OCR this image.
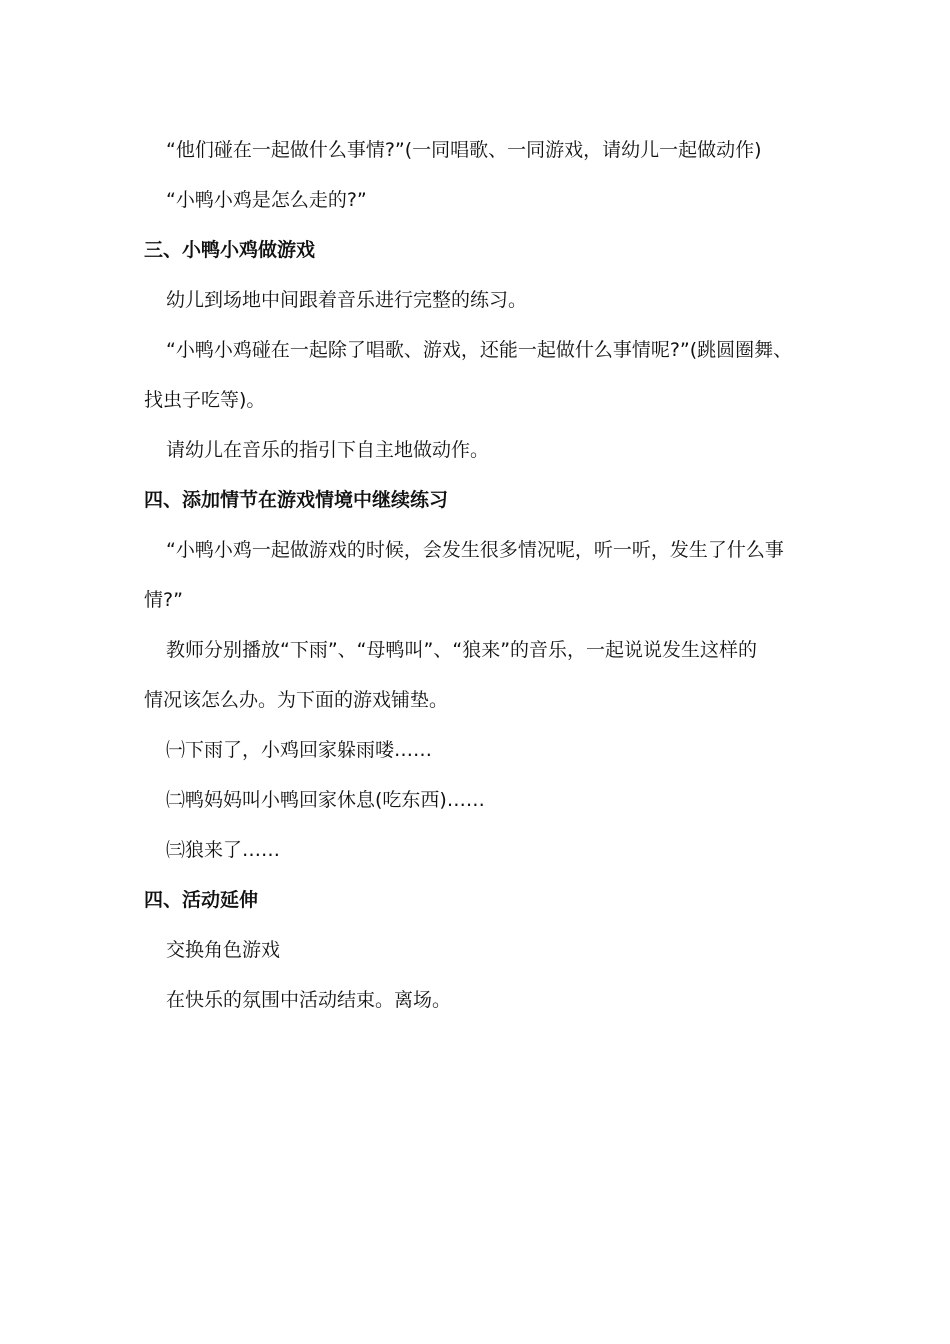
“他们碰在一起做什么事情?”(一同唱歌、一同游戏，请幼儿一起做动作)
“小鸭小鸡是怎么走的?”
三、小鸭小鸡做游戏
幼儿到场地中间跟着音乐进行完整的练习。
“小鸭小鸡碰在一起除了唱歌、游戏，还能一起做什么事情呢?”(跳圆圈舞、
找虫子吃等)。
请幼儿在音乐的指引下自主地做动作。
四、添加情节在游戏情境中继续练习
“小鸭小鸡一起做游戏的时候，会发生很多情况呢，听一听，发生了什么事
情?”
教师分别播放“下雨”、“母鸭叫”、“狼来”的音乐，一起说说发生这样的
情况该怎么办。为下面的游戏铺垫。
㈠下雨了，小鸡回家躲雨喽……
㈡鸭妈妈叫小鸭回家休息(吃东西)……
㈢狼来了……
四、活动延伸
交换角色游戏
在快乐的氛围中活动结束。离场。
